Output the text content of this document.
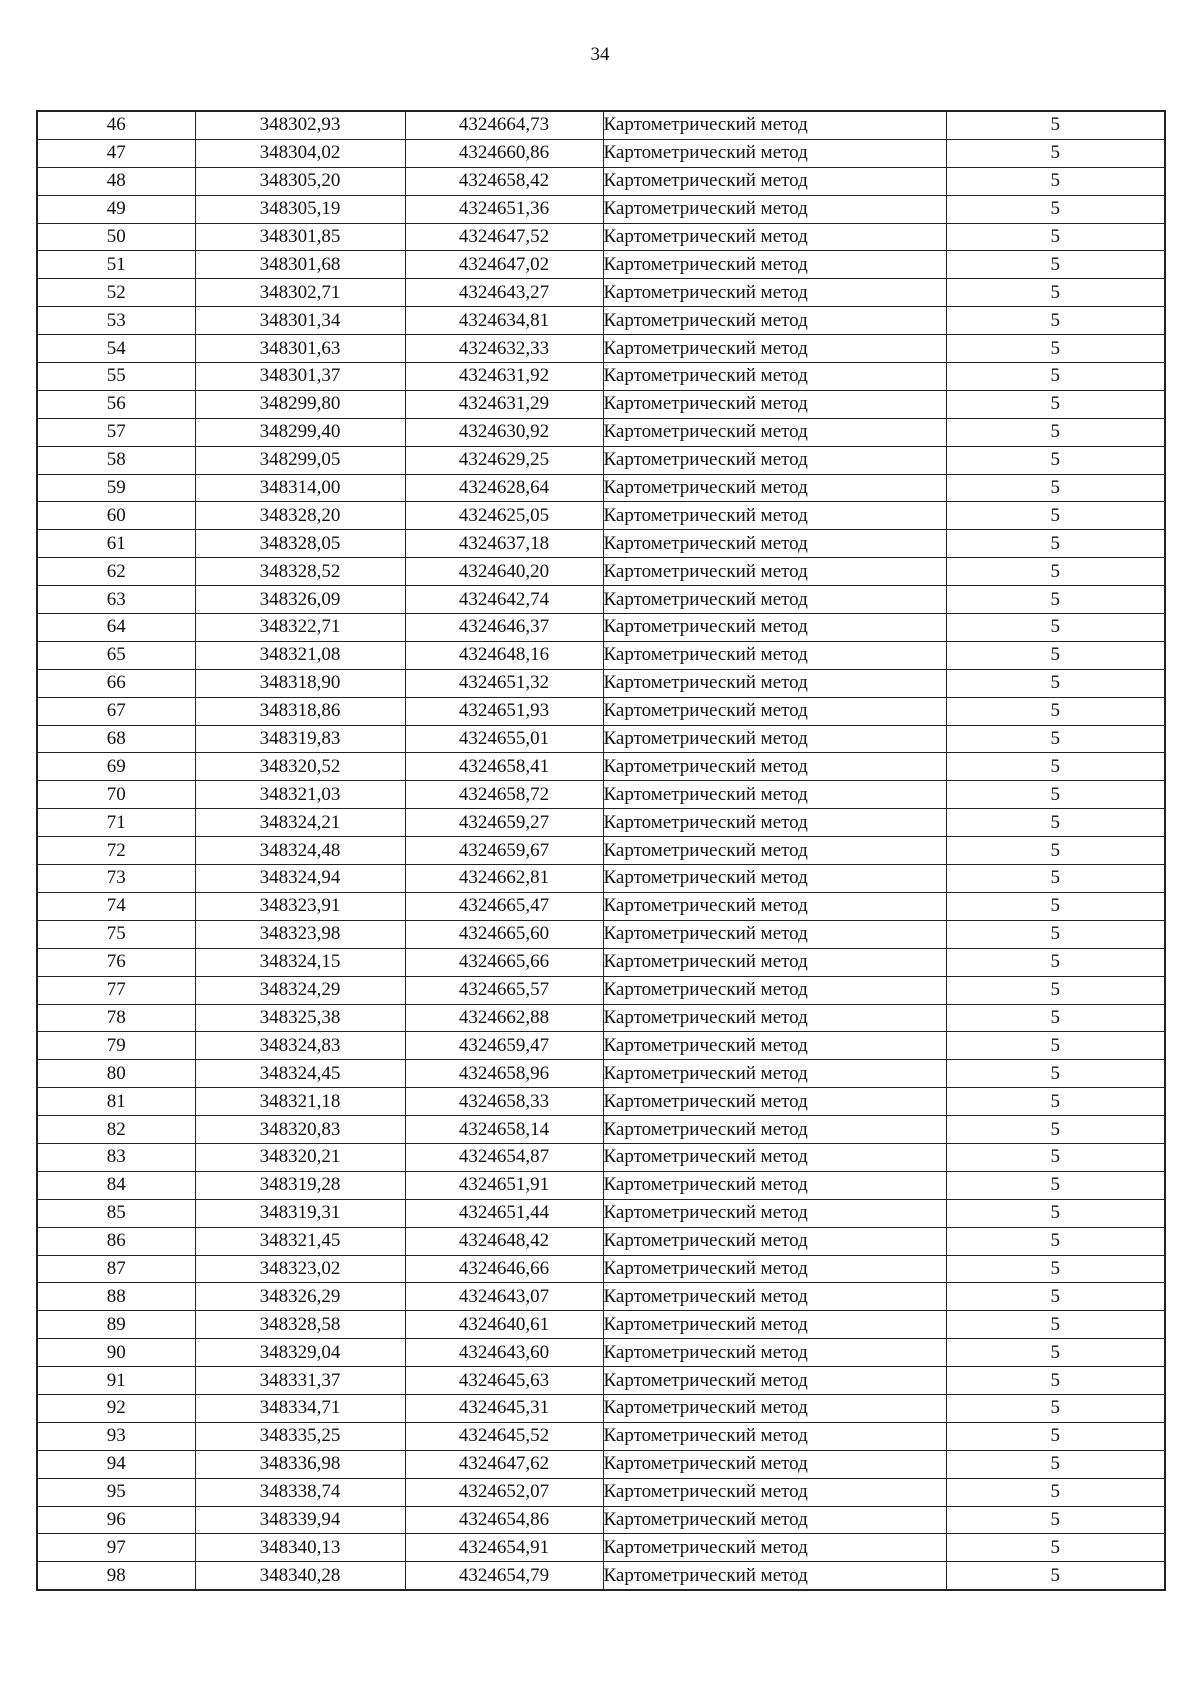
34
46	348302,93	4324664,73	Картометрический метод	5
47	348304,02	4324660,86	Картометрический метод	5
48	348305,20	4324658,42	Картометрический метод	5
49	348305,19	4324651,36	Картометрический метод	5
50	348301,85	4324647,52	Картометрический метод	5
51	348301,68	4324647,02	Картометрический метод	5
52	348302,71	4324643,27	Картометрический метод	5
53	348301,34	4324634,81	Картометрический метод	5
54	348301,63	4324632,33	Картометрический метод	5
55	348301,37	4324631,92	Картометрический метод	5
56	348299,80	4324631,29	Картометрический метод	5
57	348299,40	4324630,92	Картометрический метод	5
58	348299,05	4324629,25	Картометрический метод	5
59	348314,00	4324628,64	Картометрический метод	5
60	348328,20	4324625,05	Картометрический метод	5
61	348328,05	4324637,18	Картометрический метод	5
62	348328,52	4324640,20	Картометрический метод	5
63	348326,09	4324642,74	Картометрический метод	5
64	348322,71	4324646,37	Картометрический метод	5
65	348321,08	4324648,16	Картометрический метод	5
66	348318,90	4324651,32	Картометрический метод	5
67	348318,86	4324651,93	Картометрический метод	5
68	348319,83	4324655,01	Картометрический метод	5
69	348320,52	4324658,41	Картометрический метод	5
70	348321,03	4324658,72	Картометрический метод	5
71	348324,21	4324659,27	Картометрический метод	5
72	348324,48	4324659,67	Картометрический метод	5
73	348324,94	4324662,81	Картометрический метод	5
74	348323,91	4324665,47	Картометрический метод	5
75	348323,98	4324665,60	Картометрический метод	5
76	348324,15	4324665,66	Картометрический метод	5
77	348324,29	4324665,57	Картометрический метод	5
78	348325,38	4324662,88	Картометрический метод	5
79	348324,83	4324659,47	Картометрический метод	5
80	348324,45	4324658,96	Картометрический метод	5
81	348321,18	4324658,33	Картометрический метод	5
82	348320,83	4324658,14	Картометрический метод	5
83	348320,21	4324654,87	Картометрический метод	5
84	348319,28	4324651,91	Картометрический метод	5
85	348319,31	4324651,44	Картометрический метод	5
86	348321,45	4324648,42	Картометрический метод	5
87	348323,02	4324646,66	Картометрический метод	5
88	348326,29	4324643,07	Картометрический метод	5
89	348328,58	4324640,61	Картометрический метод	5
90	348329,04	4324643,60	Картометрический метод	5
91	348331,37	4324645,63	Картометрический метод	5
92	348334,71	4324645,31	Картометрический метод	5
93	348335,25	4324645,52	Картометрический метод	5
94	348336,98	4324647,62	Картометрический метод	5
95	348338,74	4324652,07	Картометрический метод	5
96	348339,94	4324654,86	Картометрический метод	5
97	348340,13	4324654,91	Картометрический метод	5
98	348340,28	4324654,79	Картометрический метод	5
